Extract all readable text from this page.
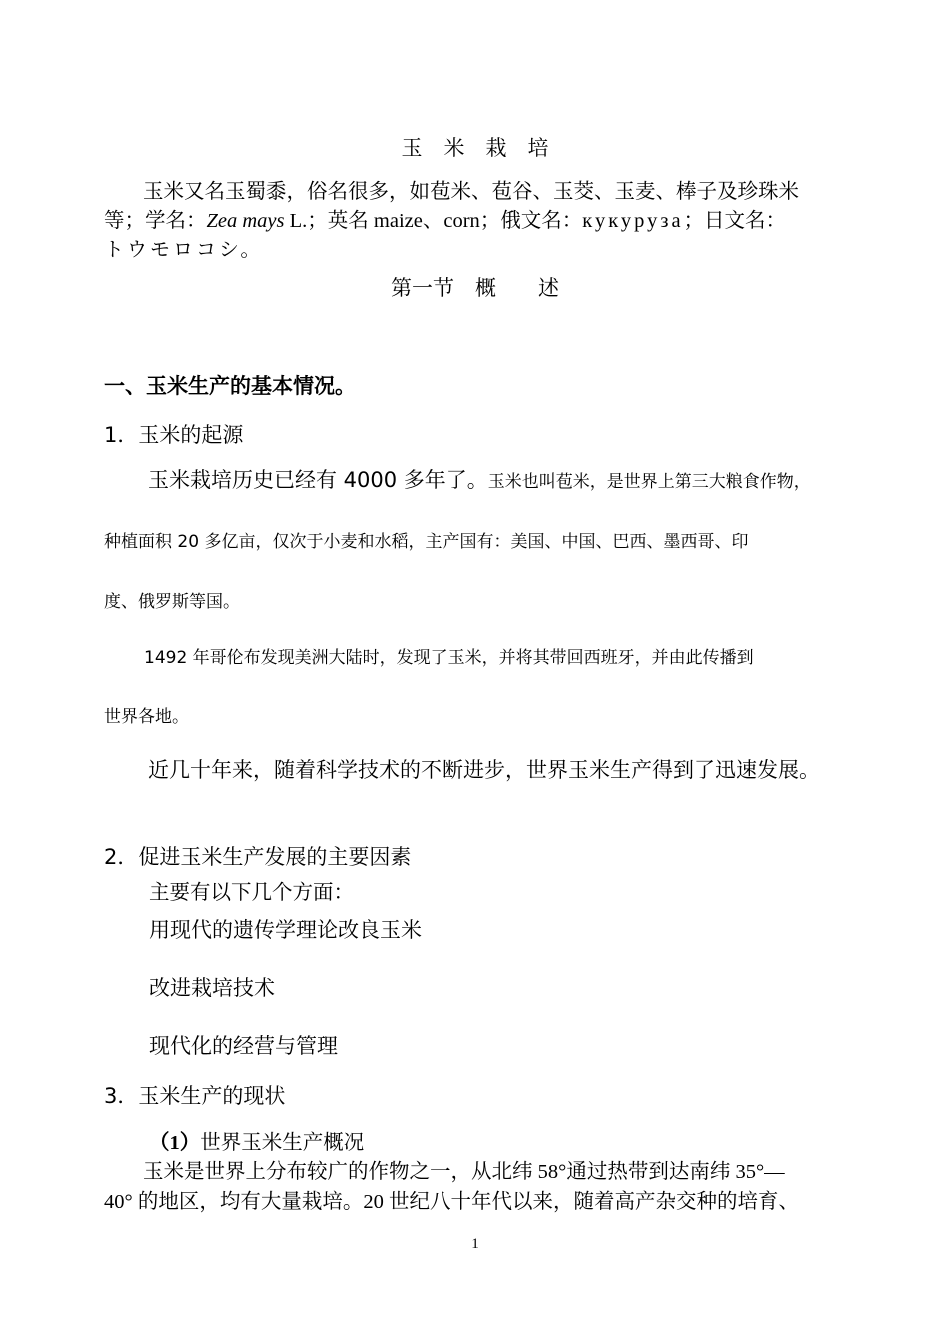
玉　米　栽　培
玉米又名玉蜀黍，俗名很多，如苞米、苞谷、玉茭、玉麦、棒子及珍珠米
等；学名：Zea mays L.；英名 maize、corn；俄文名：кукуруза；日文名：
トウモロコシ。
第一节　概　　述
一、玉米生产的基本情况。
1．玉米的起源
玉米栽培历史已经有 4000 多年了。玉米也叫苞米，是世界上第三大粮食作物，
种植面积 20 多亿亩，仅次于小麦和水稻，主产国有：美国、中国、巴西、墨西哥、印
度、俄罗斯等国。
1492 年哥伦布发现美洲大陆时，发现了玉米，并将其带回西班牙，并由此传播到
世界各地。
近几十年来，随着科学技术的不断进步，世界玉米生产得到了迅速发展。
2．促进玉米生产发展的主要因素
主要有以下几个方面：
用现代的遗传学理论改良玉米
改进栽培技术
现代化的经营与管理
3．玉米生产的现状
（1）世界玉米生产概况
玉米是世界上分布较广的作物之一，从北纬 58°通过热带到达南纬 35°—
40° 的地区，均有大量栽培。20 世纪八十年代以来，随着高产杂交种的培育、
1
